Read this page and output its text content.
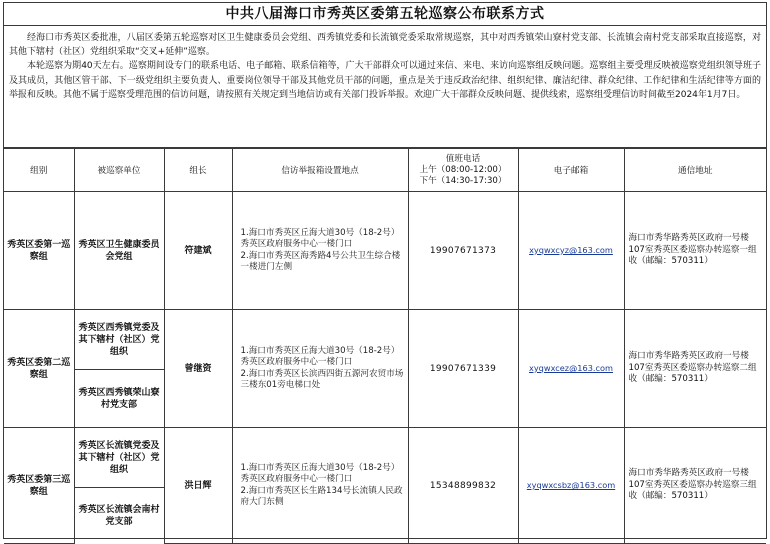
中共八届海口市秀英区委第五轮巡察公布联系方式

经海口市秀英区委批准，八届区委第五轮巡察对区卫生健康委员会党组、西秀镇党委和长流镇党委采取常规巡察，其中对西秀镇荣山寮村党支部、长流镇会南村党支部采取直接巡察，对其他下辖村（社区）党组织采取“交叉+延伸”巡察。

本轮巡察为期40天左右。巡察期间设专门的联系电话、电子邮箱、联系信箱等，广大干部群众可以通过来信、来电、来访向巡察组反映问题。巡察组主要受理反映被巡察党组织领导班子及其成员，其他区管干部、下一级党组织主要负责人、重要岗位领导干部及其他党员干部的问题，重点是关于违反政治纪律、组织纪律、廉洁纪律、群众纪律、工作纪律和生活纪律等方面的举报和反映。其他不属于巡察受理范围的信访问题，请按照有关规定到当地信访或有关部门投诉举报。欢迎广大干部群众反映问题、提供线索，巡察组受理信访时间截至2024年1月7日。

组别	被巡察单位	组长	信访举报箱设置地点	值班电话
上午（08:00-12:00）
下午（14:30-17:30）	电子邮箱	通信地址
秀英区委第一巡察组	秀英区卫生健康委员会党组	符建斌	1.海口市秀英区丘海大道30号（18-2号）秀英区政府服务中心一楼门口
2.海口市秀英区海秀路4号公共卫生综合楼一楼进门左侧	19907671373	xyqwxcyz@163.com	海口市秀华路秀英区政府一号楼107室秀英区委巡察办转巡察一组收（邮编：570311）
秀英区委第二巡察组	秀英区西秀镇党委及其下辖村（社区）党组织	曾继资	1.海口市秀英区丘海大道30号（18-2号）秀英区政府服务中心一楼门口
2.海口市秀英区长滨西四街五源河农贸市场三楼东01旁电梯口处	19907671339	xyqwxcez@163.com	海口市秀华路秀英区政府一号楼107室秀英区委巡察办转巡察二组收（邮编：570311）
	秀英区西秀镇荣山寮村党支部					
秀英区委第三巡察组	秀英区长流镇党委及其下辖村（社区）党组织	洪日辉	1.海口市秀英区丘海大道30号（18-2号）秀英区政府服务中心一楼门口
2.海口市秀英区长生路134号长流镇人民政府大门东侧	15348899832	xyqwxcsbz@163.com	海口市秀华路秀英区政府一号楼107室秀英区委巡察办转巡察三组收（邮编：570311）
	秀英区长流镇会南村党支部					
